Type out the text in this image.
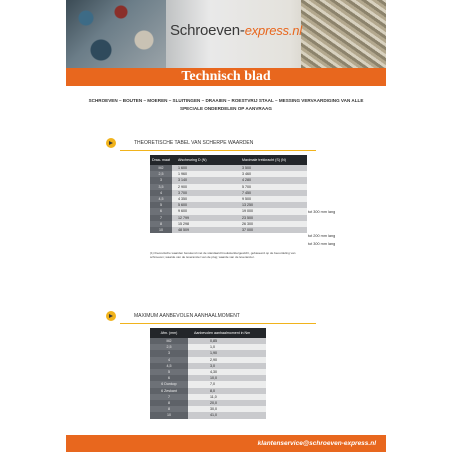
Schroeven-express.nl
Technisch blad
SCHROEVEN – BOUTEN – MOEREN – SLUITINGEN – DRAAIEN – ROESTVRIJ STAAL – MESSING VERVAARDIGING VAN ALLE SPECIALE ONDERDELEN OP AANVRAAG
THEORETISCHE TABEL VAN SCHERPE WAARDEN
Draa- maat	Afscheuring D (N)	Maximale trekkracht (S) (N)
M2	1 600	3 500
2,5	1 960	3 460
3	3 140	4 280
3,5	2 900	5 700
4	3 700	7 450
4,5	4 350	9 500
5	5 600	13 250
6	9 600	19 000
7	12 799	23 500
8	15 298	26 300
10	48 509	37 000
tot 300 mm lang
tot 200 mm lang
tot 300 mm lang
(1) theoretische waarden berekend met de standaard breuksterkte/gewicht, gebaseerd op de beoordeling van schroeven; waarde van de leverancier van de plug; waarde van de leverancier.
MAXIMUM AANBEVOLEN AANHAALMOMENT
Afm. (mm)	Aanbevolen aanhaalmoment in Nm
M2	0,85
2,5	1,0
3	1,90
4	2,90
4,5	3,0
5	4,30
6	10,0
6 Dunkop	7,0
6 Zeskant	8,0
7	11,0
8	20,0
8	30,0
10	41,0
klantenservice@schroeven-express.nl
